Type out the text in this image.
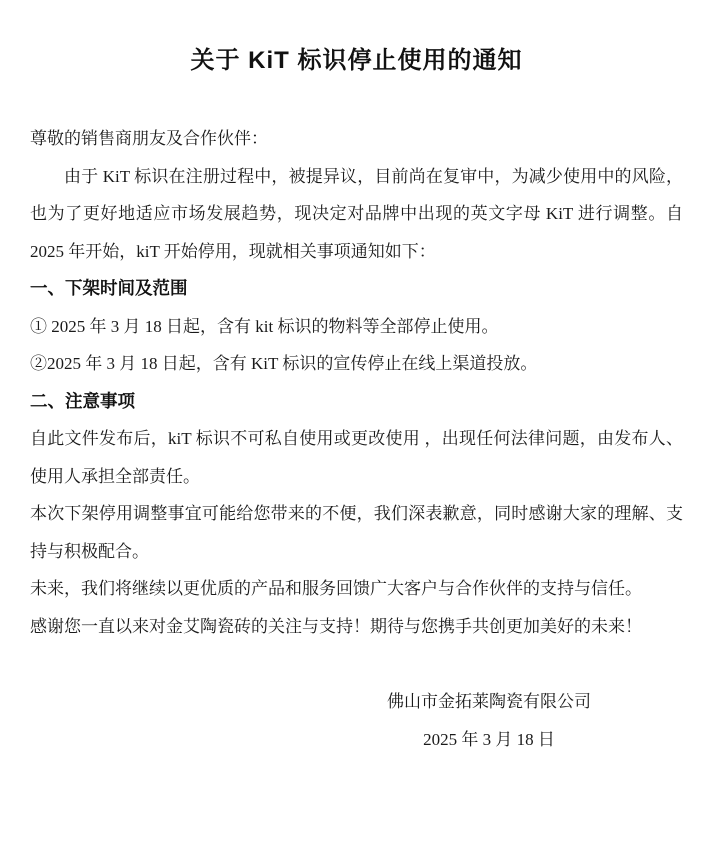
关于 KiT 标识停止使用的通知

尊敬的销售商朋友及合作伙伴：

由于 KiT 标识在注册过程中，被提异议，目前尚在复审中，为减少使用中的风险，也为了更好地适应市场发展趋势，现决定对品牌中出现的英文字母 KiT 进行调整。自 2025 年开始，kiT 开始停用，现就相关事项通知如下：

一、下架时间及范围

① 2025 年 3 月 18 日起，含有 kit 标识的物料等全部停止使用。

②2025 年 3 月 18 日起，含有 KiT 标识的宣传停止在线上渠道投放。

二、注意事项

自此文件发布后，kiT 标识不可私自使用或更改使用 ，出现任何法律问题，由发布人、使用人承担全部责任。

本次下架停用调整事宜可能给您带来的不便，我们深表歉意，同时感谢大家的理解、支持与积极配合。

未来，我们将继续以更优质的产品和服务回馈广大客户与合作伙伴的支持与信任。

感谢您一直以来对金艾陶瓷砖的关注与支持！期待与您携手共创更加美好的未来！

佛山市金拓莱陶瓷有限公司
2025 年 3 月 18 日
